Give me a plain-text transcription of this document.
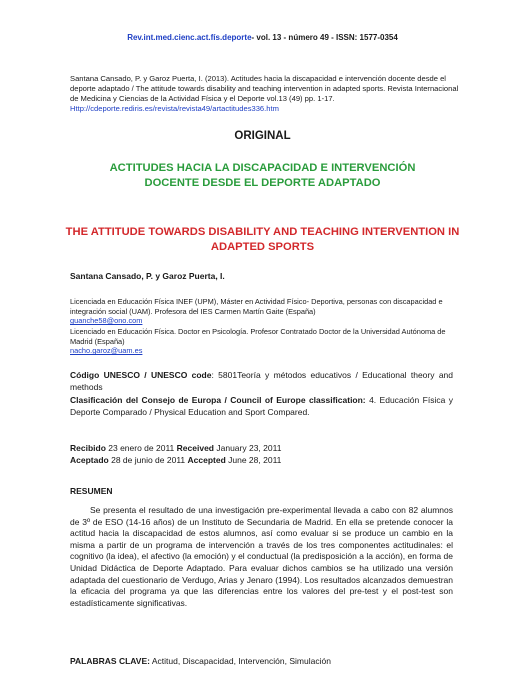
Rev.int.med.cienc.act.fís.deporte- vol. 13 - número 49 - ISSN: 1577-0354
Santana Cansado, P. y Garoz Puerta, I. (2013). Actitudes hacia la discapacidad e intervención docente desde el deporte adaptado / The attitude towards disability and teaching intervention in adapted sports. Revista Internacional de Medicina y Ciencias de la Actividad Física y el Deporte vol.13 (49) pp. 1-17. Http://cdeporte.rediris.es/revista/revista49/artactitudes336.htm
ORIGINAL
ACTITUDES HACIA LA DISCAPACIDAD E INTERVENCIÓN DOCENTE DESDE EL DEPORTE ADAPTADO
THE ATTITUDE TOWARDS DISABILITY AND TEACHING INTERVENTION IN ADAPTED SPORTS
Santana Cansado, P. y Garoz Puerta, I.
Licenciada en Educación Física INEF (UPM), Máster en Actividad Físico- Deportiva, personas con discapacidad e integración social (UAM). Profesora del IES Carmen Martín Gaite (España)
guanche58@ono.com
Licenciado en Educación Física. Doctor en Psicología. Profesor Contratado Doctor de la Universidad Autónoma de Madrid (España)
nacho.garoz@uam.es
Código UNESCO / UNESCO code: 5801Teoría y métodos educativos / Educational theory and methods
Clasificación del Consejo de Europa / Council of Europe classification: 4. Educación Física y Deporte Comparado / Physical Education and Sport Compared.
Recibido 23 enero de 2011 Received January 23, 2011
Aceptado 28 de junio de 2011 Accepted June 28, 2011
RESUMEN
Se presenta el resultado de una investigación pre-experimental llevada a cabo con 82 alumnos de 3º de ESO (14-16 años) de un Instituto de Secundaria de Madrid. En ella se pretende conocer la actitud hacia la discapacidad de estos alumnos, así como evaluar si se produce un cambio en la misma a partir de un programa de intervención a través de los tres componentes actitudinales: el cognitivo (la idea), el afectivo (la emoción) y el conductual (la predisposición a la acción), en forma de Unidad Didáctica de Deporte Adaptado. Para evaluar dichos cambios se ha utilizado una versión adaptada del cuestionario de Verdugo, Arias y Jenaro (1994). Los resultados alcanzados demuestran la eficacia del programa ya que las diferencias entre los valores del pre-test y el post-test son estadísticamente significativas.
PALABRAS CLAVE: Actitud, Discapacidad, Intervención, Simulación
